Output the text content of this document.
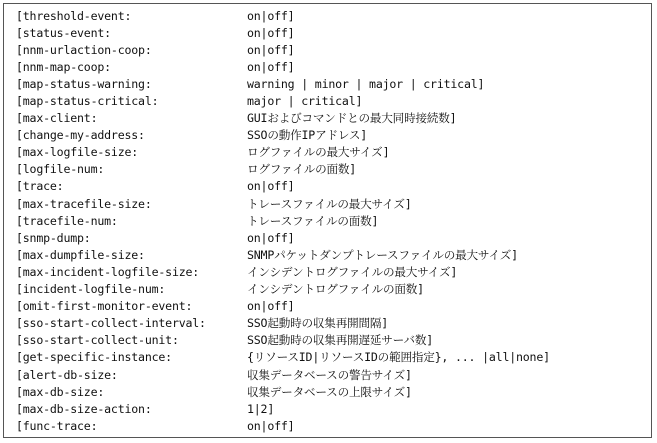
[threshold-event:	on|off]
[status-event:	on|off]
[nnm-urlaction-coop:	on|off]
[nnm-map-coop:	on|off]
[map-status-warning:	warning | minor | major | critical]
[map-status-critical:	major | critical]
[max-client:	GUIおよびコマンドとの最大同時接続数]
[change-my-address:	SSOの動作IPアドレス]
[max-logfile-size:	ログファイルの最大サイズ]
[logfile-num:	ログファイルの面数]
[trace:	on|off]
[max-tracefile-size:	トレースファイルの最大サイズ]
[tracefile-num:	トレースファイルの面数]
[snmp-dump:	on|off]
[max-dumpfile-size:	SNMPパケットダンプトレースファイルの最大サイズ]
[max-incident-logfile-size:	インシデントログファイルの最大サイズ]
[incident-logfile-num:	インシデントログファイルの面数]
[omit-first-monitor-event:	on|off]
[sso-start-collect-interval:	SSO起動時の収集再開間隔]
[sso-start-collect-unit:	SSO起動時の収集再開遅延サーバ数]
[get-specific-instance:	{リソースID|リソースIDの範囲指定}, ... |all|none]
[alert-db-size:	収集データベースの警告サイズ]
[max-db-size:	収集データベースの上限サイズ]
[max-db-size-action:	1|2]
[func-trace:	on|off]
